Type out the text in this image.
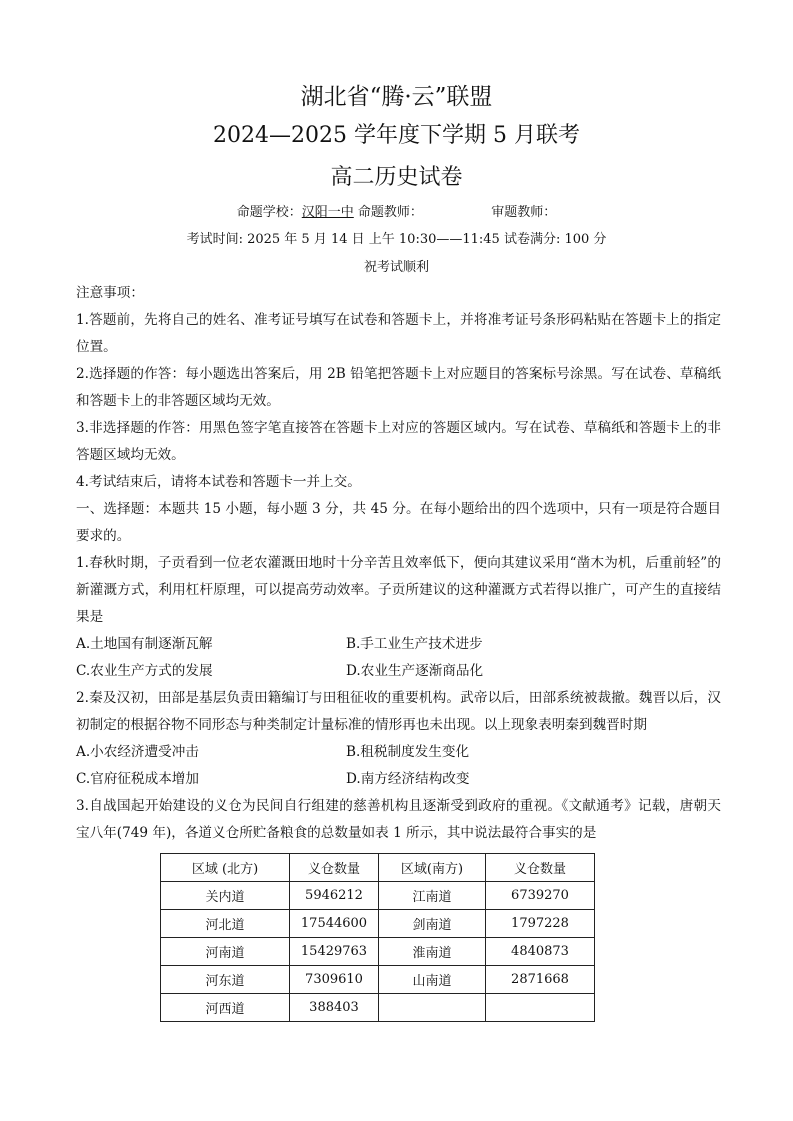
湖北省“腾·云”联盟
2024—2025 学年度下学期 5 月联考
高二历史试卷
命题学校：汉阳一中 命题教师：	审题教师：
考试时间: 2025 年 5 月 14 日 上午 10:30——11:45 试卷满分: 100 分
祝考试顺利

注意事项：

1.答题前，先将自己的姓名、准考证号填写在试卷和答题卡上，并将准考证号条形码粘贴在答题卡上的指定位置。

2.选择题的作答：每小题选出答案后，用 2B 铅笔把答题卡上对应题目的答案标号涂黑。写在试卷、草稿纸和答题卡上的非答题区域均无效。

3.非选择题的作答：用黑色签字笔直接答在答题卡上对应的答题区域内。写在试卷、草稿纸和答题卡上的非答题区域均无效。

4.考试结束后，请将本试卷和答题卡一并上交。

一、选择题：本题共 15 小题，每小题 3 分，共 45 分。在每小题给出的四个选项中，只有一项是符合题目要求的。

1.春秋时期，子贡看到一位老农灌溉田地时十分辛苦且效率低下，便向其建议采用“凿木为机，后重前轻”的新灌溉方式，利用杠杆原理，可以提高劳动效率。子贡所建议的这种灌溉方式若得以推广，可产生的直接结果是

A.土地国有制逐渐瓦解	B.手工业生产技术进步
C.农业生产方式的发展	D.农业生产逐渐商品化

2.秦及汉初，田部是基层负责田籍编订与田租征收的重要机构。武帝以后，田部系统被裁撤。魏晋以后，汉初制定的根据谷物不同形态与种类制定计量标准的情形再也未出现。以上现象表明秦到魏晋时期

A.小农经济遭受冲击	B.租税制度发生变化
C.官府征税成本增加	D.南方经济结构改变

3.自战国起开始建设的义仓为民间自行组建的慈善机构且逐渐受到政府的重视。《文献通考》记载，唐朝天宝八年(749 年)，各道义仓所贮备粮食的总数量如表 1 所示，其中说法最符合事实的是

区域 (北方)	义仓数量	区域(南方)	义仓数量
关内道	5946212	江南道	6739270
河北道	17544600	剑南道	1797228
河南道	15429763	淮南道	4840873
河东道	7309610	山南道	2871668
河西道	388403		
